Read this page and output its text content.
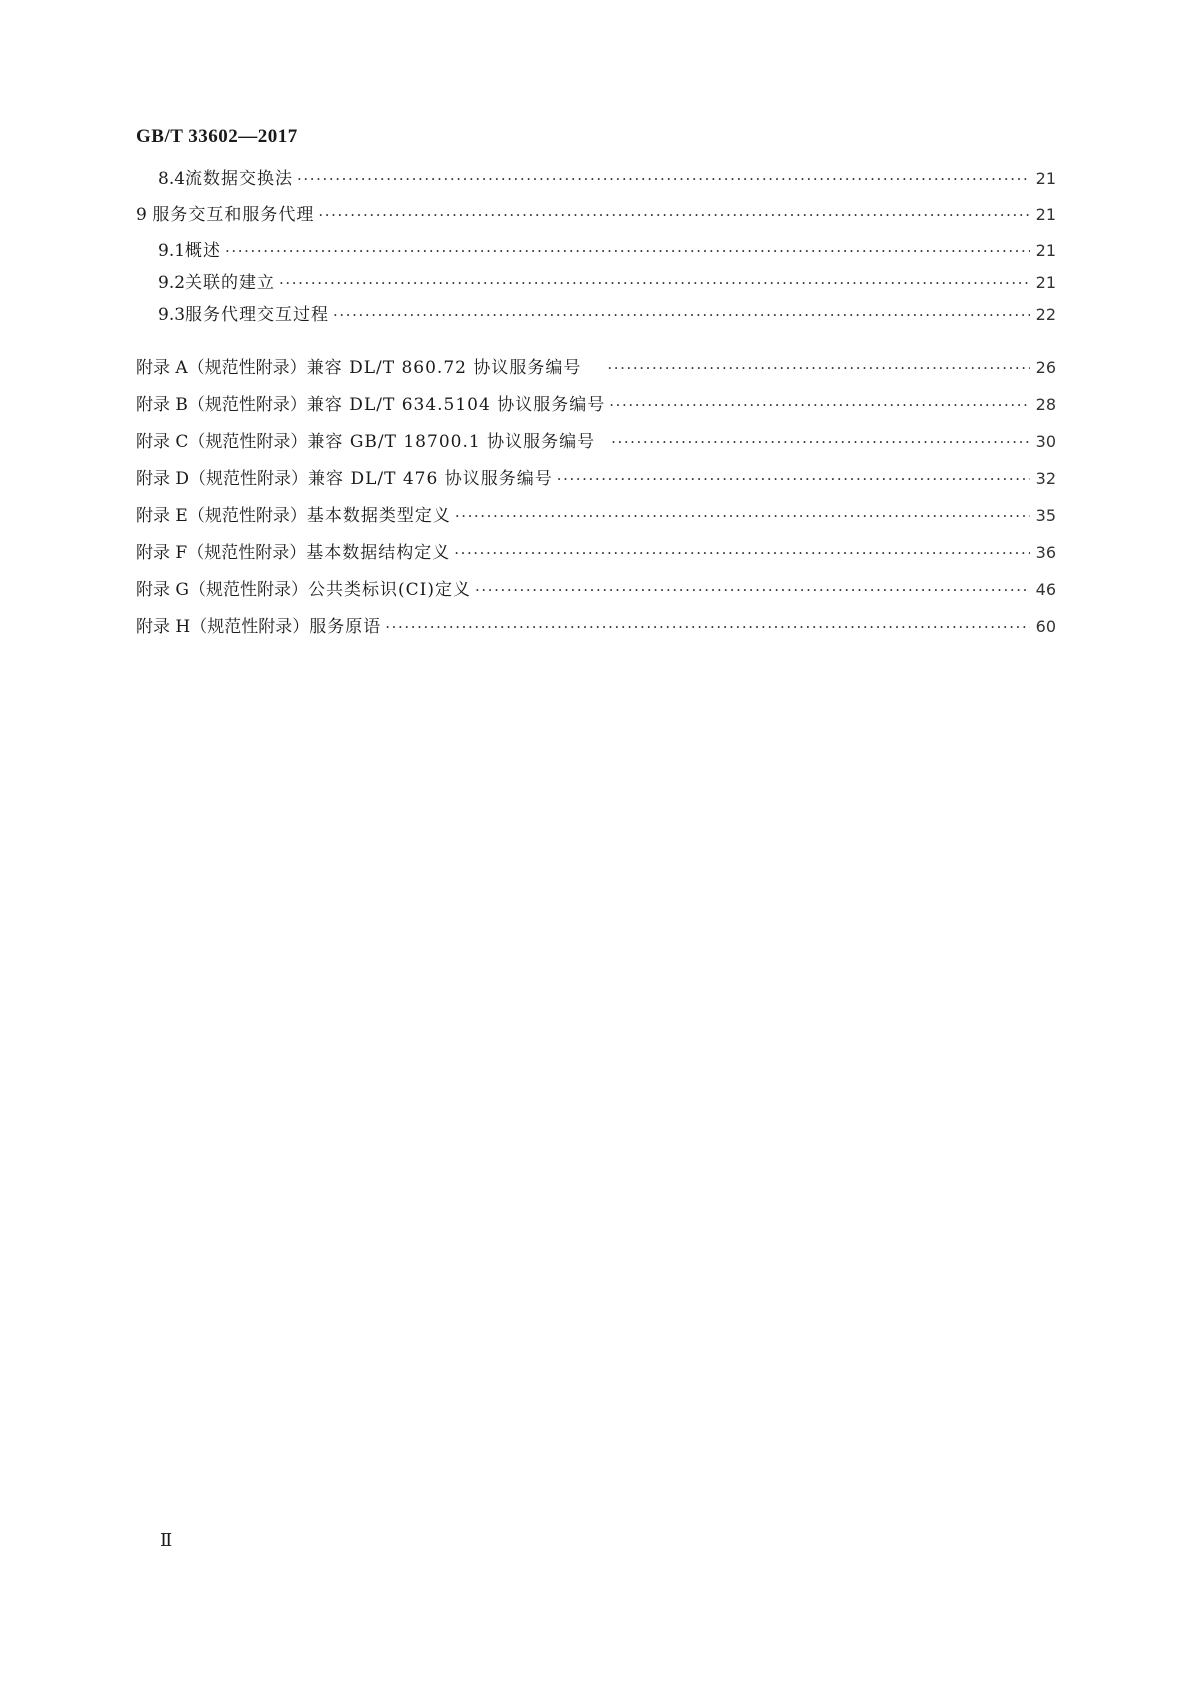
GB/T 33602—2017
8.4 流数据交换法 ·····	21
9 服务交互和服务代理 ·····	21
9.1 概述 ·····	21
9.2 关联的建立 ·····	21
9.3 服务代理交互过程 ·····	22
附录 A（规范性附录） 兼容 DL/T 860.72 协议服务编号 ·····	26
附录 B（规范性附录） 兼容 DL/T 634.5104 协议服务编号 ·····	28
附录 C（规范性附录） 兼容 GB/T 18700.1 协议服务编号 ·····	30
附录 D（规范性附录） 兼容 DL/T 476 协议服务编号 ·····	32
附录 E（规范性附录） 基本数据类型定义 ·····	35
附录 F（规范性附录） 基本数据结构定义 ·····	36
附录 G（规范性附录） 公共类标识(CI)定义 ·····	46
附录 H（规范性附录） 服务原语 ·····	60
Ⅱ
